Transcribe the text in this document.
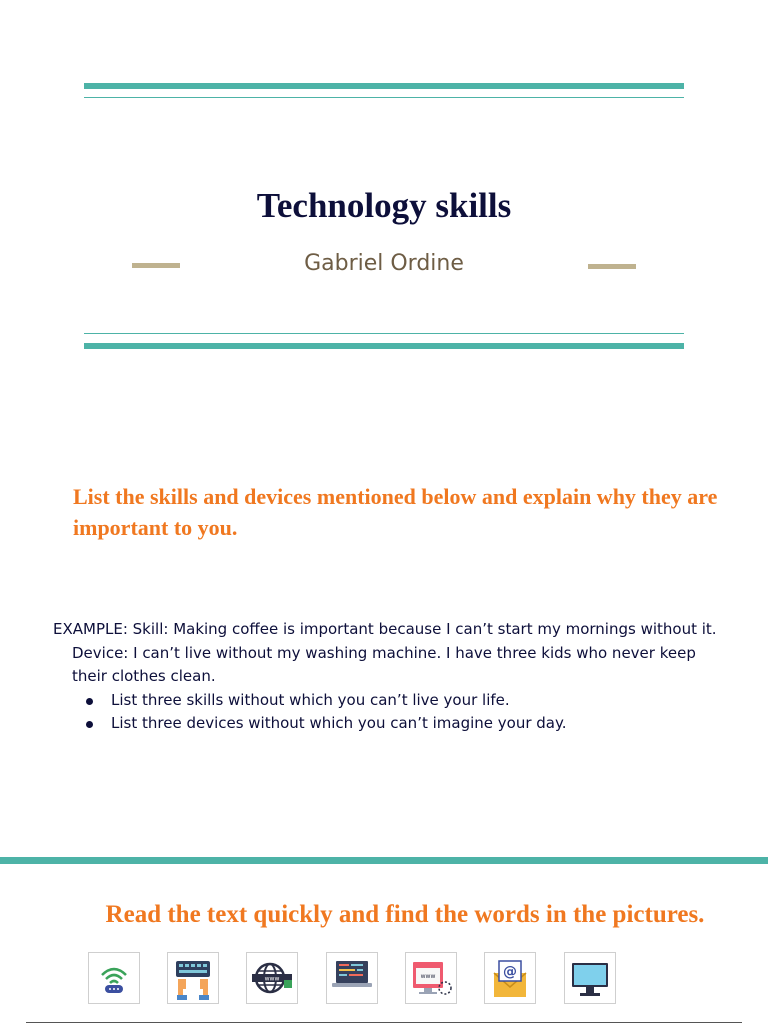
Technology skills
Gabriel Ordine
List the skills and devices mentioned below and explain why they are important to you.

EXAMPLE: Skill: Making coffee is important because I can’t start my mornings without it.

Device: I can’t live without my washing machine. I have three kids who never keep their clothes clean.

List three skills without which you can’t live your life.
List three devices without which you can’t imagine your day.
Read the text quickly and find the words in the pictures.
www	www	@
